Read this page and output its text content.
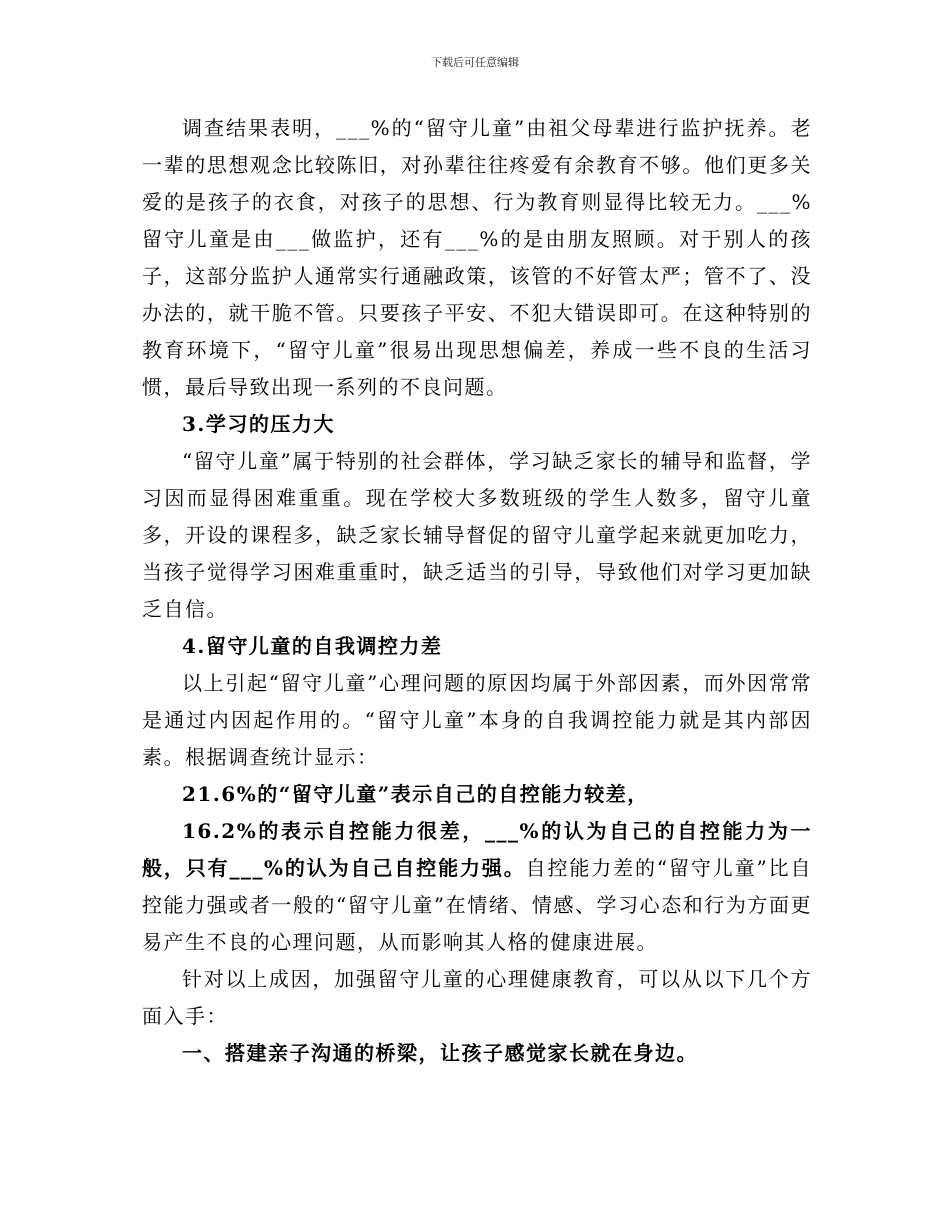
下载后可任意编辑

调查结果表明，___%的“留守儿童”由祖父母辈进行监护抚养。老一辈的思想观念比较陈旧，对孙辈往往疼爱有余教育不够。他们更多关爱的是孩子的衣食，对孩子的思想、行为教育则显得比较无力。___%留守儿童是由___做监护，还有___%的是由朋友照顾。对于别人的孩子，这部分监护人通常实行通融政策，该管的不好管太严；管不了、没办法的，就干脆不管。只要孩子平安、不犯大错误即可。在这种特别的教育环境下，“留守儿童”很易出现思想偏差，养成一些不良的生活习惯，最后导致出现一系列的不良问题。

3.学习的压力大

“留守儿童”属于特别的社会群体，学习缺乏家长的辅导和监督，学习因而显得困难重重。现在学校大多数班级的学生人数多，留守儿童多，开设的课程多，缺乏家长辅导督促的留守儿童学起来就更加吃力，当孩子觉得学习困难重重时，缺乏适当的引导，导致他们对学习更加缺乏自信。

4.留守儿童的自我调控力差

以上引起“留守儿童”心理问题的原因均属于外部因素，而外因常常是通过内因起作用的。“留守儿童”本身的自我调控能力就是其内部因素。根据调查统计显示：

21.6%的“留守儿童”表示自己的自控能力较差，

16.2%的表示自控能力很差，___%的认为自己的自控能力为一般，只有___%的认为自己自控能力强。自控能力差的“留守儿童”比自控能力强或者一般的“留守儿童”在情绪、情感、学习心态和行为方面更易产生不良的心理问题，从而影响其人格的健康进展。

针对以上成因，加强留守儿童的心理健康教育，可以从以下几个方面入手：

一、搭建亲子沟通的桥梁，让孩子感觉家长就在身边。
